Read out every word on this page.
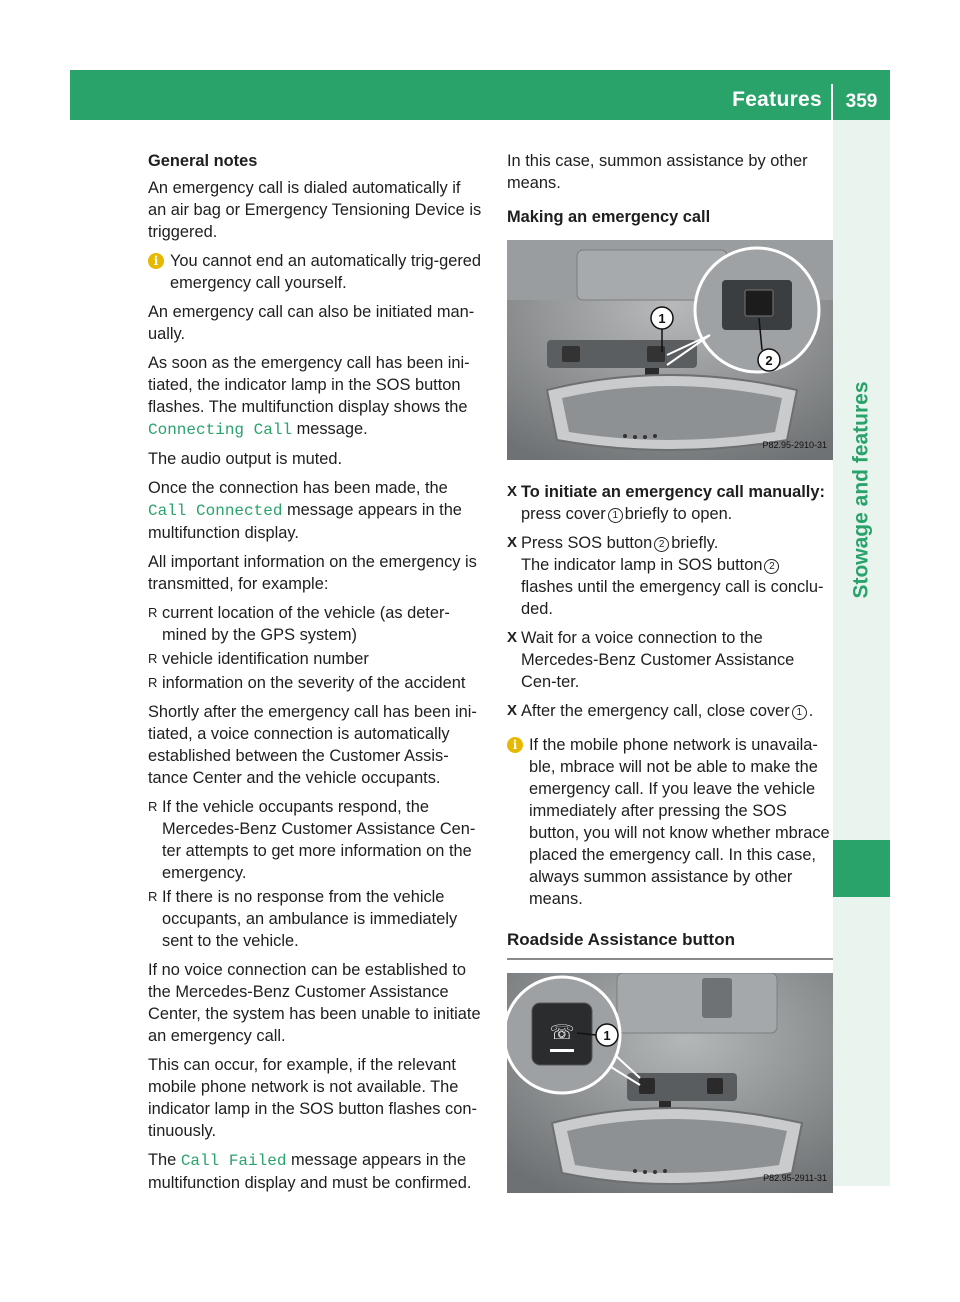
Features	359
Stowage and features

General notes

An emergency call is dialed automatically if an air bag or Emergency Tensioning Device is triggered.

i You cannot end an automatically trig-gered emergency call yourself.

An emergency call can also be initiated man-ually.

As soon as the emergency call has been ini-tiated, the indicator lamp in the SOS button flashes. The multifunction display shows the Connecting Call message.

The audio output is muted.

Once the connection has been made, the Call Connected message appears in the multifunction display.

All important information on the emergency is transmitted, for example:

R current location of the vehicle (as deter-mined by the GPS system)
R vehicle identification number
R information on the severity of the accident

Shortly after the emergency call has been ini-tiated, a voice connection is automatically established between the Customer Assis-tance Center and the vehicle occupants.

R If the vehicle occupants respond, the Mercedes-Benz Customer Assistance Cen-ter attempts to get more information on the emergency.
R If there is no response from the vehicle occupants, an ambulance is immediately sent to the vehicle.

If no voice connection can be established to the Mercedes-Benz Customer Assistance Center, the system has been unable to initiate an emergency call.

This can occur, for example, if the relevant mobile phone network is not available. The indicator lamp in the SOS button flashes con-tinuously.

The Call Failed message appears in the multifunction display and must be confirmed.

In this case, summon assistance by other means.

Making an emergency call

1
2
P82.95-2910-31
X To initiate an emergency call manually: press cover 1 briefly to open.
X Press SOS button 2 briefly.
The indicator lamp in SOS button 2flashes until the emergency call is conclu-ded.
X Wait for a voice connection to the Mercedes-Benz Customer Assistance Cen-ter.
X After the emergency call, close cover 1 .
i If the mobile phone network is unavaila-ble, mbrace will not be able to make the emergency call. If you leave the vehicle immediately after pressing the SOS button, you will not know whether mbrace placed the emergency call. In this case, always summon assistance by other means.
Roadside Assistance button
☏ 1
P82.95-2911-31
